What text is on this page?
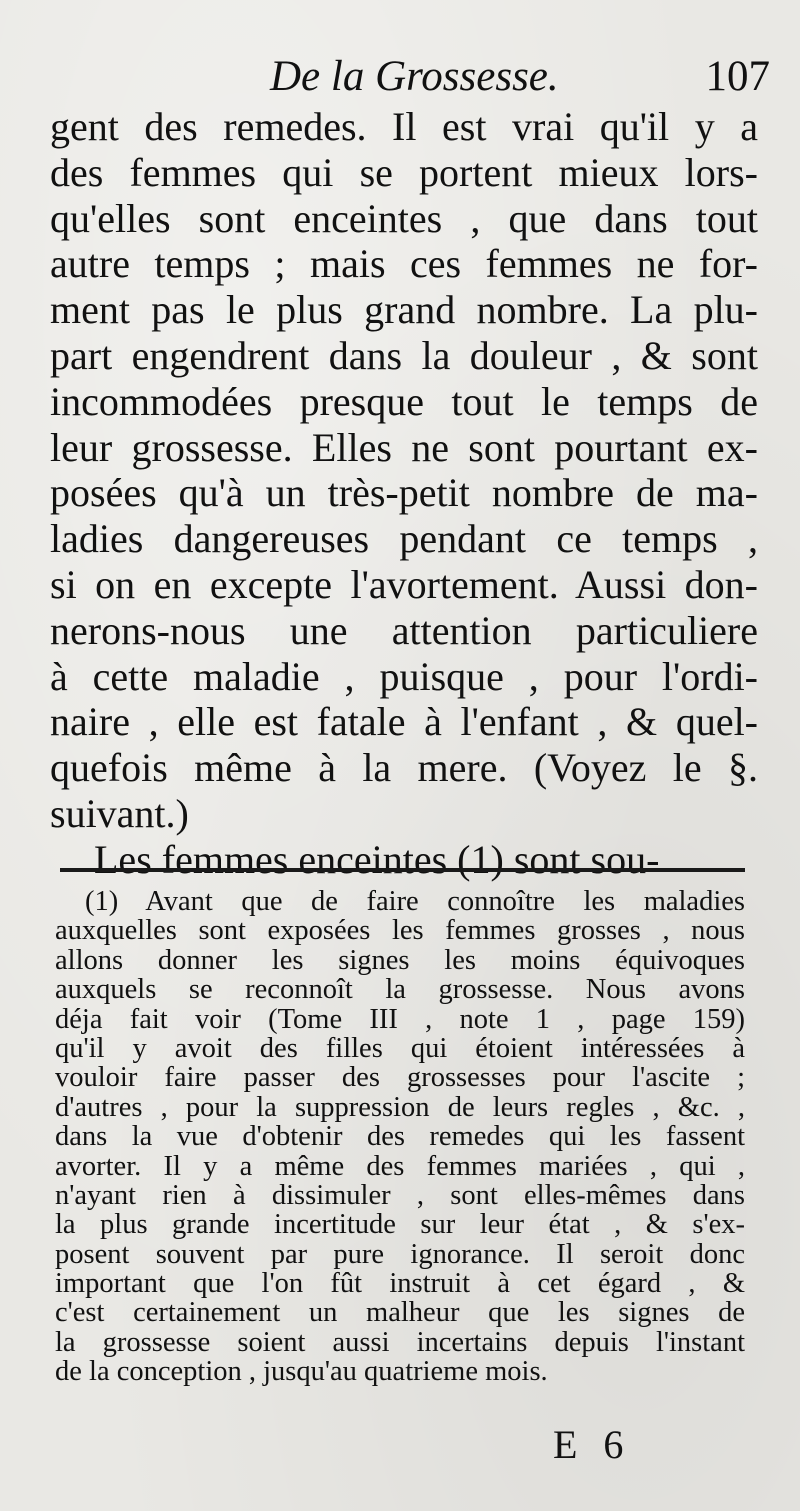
De la Grossesse.	107
gent des remedes. Il est vrai qu'il y a
des femmes qui se portent mieux lors-
qu'elles sont enceintes , que dans tout
autre temps ; mais ces femmes ne for-
ment pas le plus grand nombre. La plu-
part engendrent dans la douleur , & sont
incommodées presque tout le temps de
leur grossesse. Elles ne sont pourtant ex-
posées qu'à un très-petit nombre de ma-
ladies dangereuses pendant ce temps ,
si on en excepte l'avortement. Aussi don-
nerons-nous une attention particuliere
à cette maladie , puisque , pour l'ordi-
naire , elle est fatale à l'enfant , & quel-
quefois même à la mere. (Voyez le §.
suivant.)
Les femmes enceintes (1) sont sou-
(1) Avant que de faire connoître les maladies
auxquelles sont exposées les femmes grosses , nous
allons donner les signes les moins équivoques
auxquels se reconnoît la grossesse. Nous avons
déja fait voir (Tome III , note 1 , page 159)
qu'il y avoit des filles qui étoient intéressées à
vouloir faire passer des grossesses pour l'ascite ;
d'autres , pour la suppression de leurs regles , &c. ,
dans la vue d'obtenir des remedes qui les fassent
avorter. Il y a même des femmes mariées , qui ,
n'ayant rien à dissimuler , sont elles-mêmes dans
la plus grande incertitude sur leur état , & s'ex-
posent souvent par pure ignorance. Il seroit donc
important que l'on fût instruit à cet égard , &
c'est certainement un malheur que les signes de
la grossesse soient aussi incertains depuis l'instant
de la conception , jusqu'au quatrieme mois.
E 6
